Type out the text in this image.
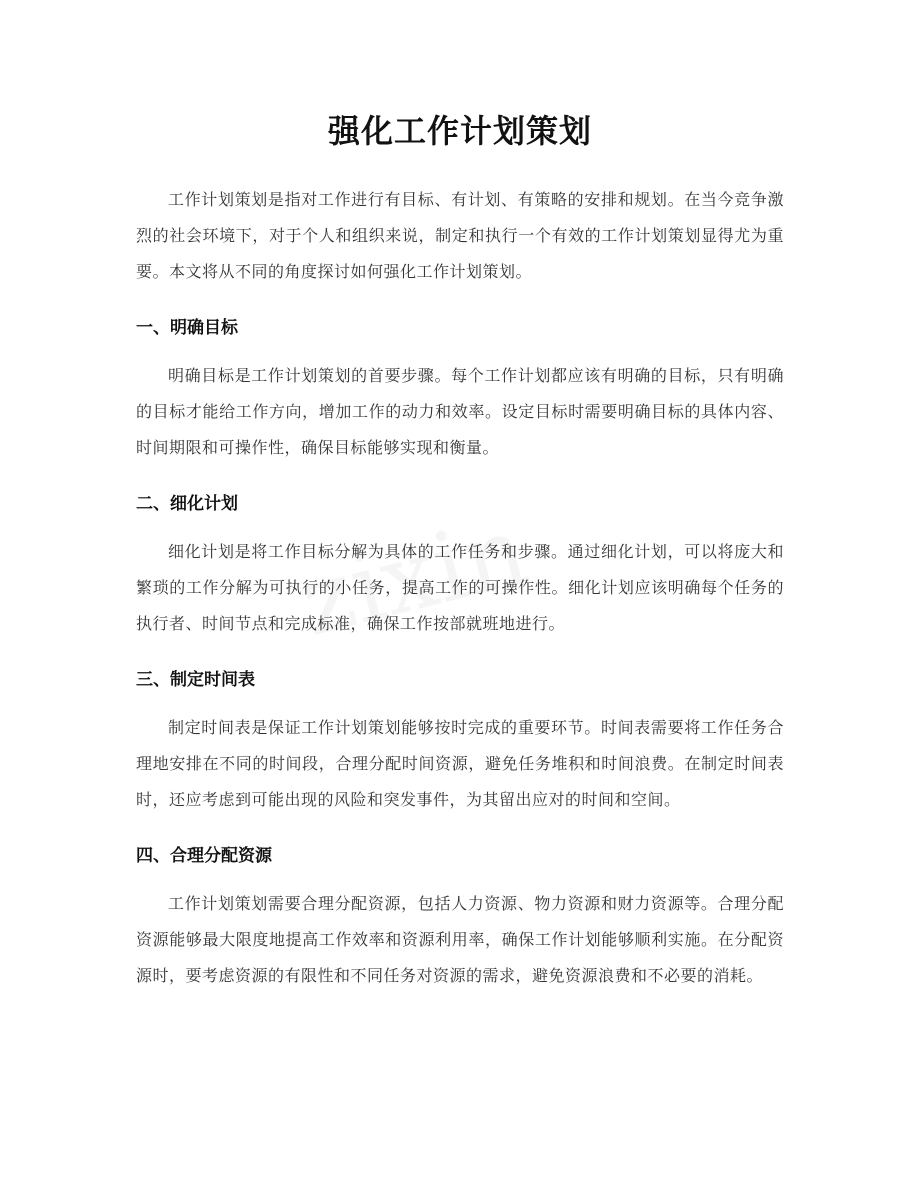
强化工作计划策划

工作计划策划是指对工作进行有目标、有计划、有策略的安排和规划。在当今竞争激烈的社会环境下，对于个人和组织来说，制定和执行一个有效的工作计划策划显得尤为重要。本文将从不同的角度探讨如何强化工作计划策划。

一、明确目标

明确目标是工作计划策划的首要步骤。每个工作计划都应该有明确的目标，只有明确的目标才能给工作方向，增加工作的动力和效率。设定目标时需要明确目标的具体内容、时间期限和可操作性，确保目标能够实现和衡量。

二、细化计划

细化计划是将工作目标分解为具体的工作任务和步骤。通过细化计划，可以将庞大和繁琐的工作分解为可执行的小任务，提高工作的可操作性。细化计划应该明确每个任务的执行者、时间节点和完成标准，确保工作按部就班地进行。

三、制定时间表

制定时间表是保证工作计划策划能够按时完成的重要环节。时间表需要将工作任务合理地安排在不同的时间段，合理分配时间资源，避免任务堆积和时间浪费。在制定时间表时，还应考虑到可能出现的风险和突发事件，为其留出应对的时间和空间。

四、合理分配资源

工作计划策划需要合理分配资源，包括人力资源、物力资源和财力资源等。合理分配资源能够最大限度地提高工作效率和资源利用率，确保工作计划能够顺利实施。在分配资源时，要考虑资源的有限性和不同任务对资源的需求，避免资源浪费和不必要的消耗。
